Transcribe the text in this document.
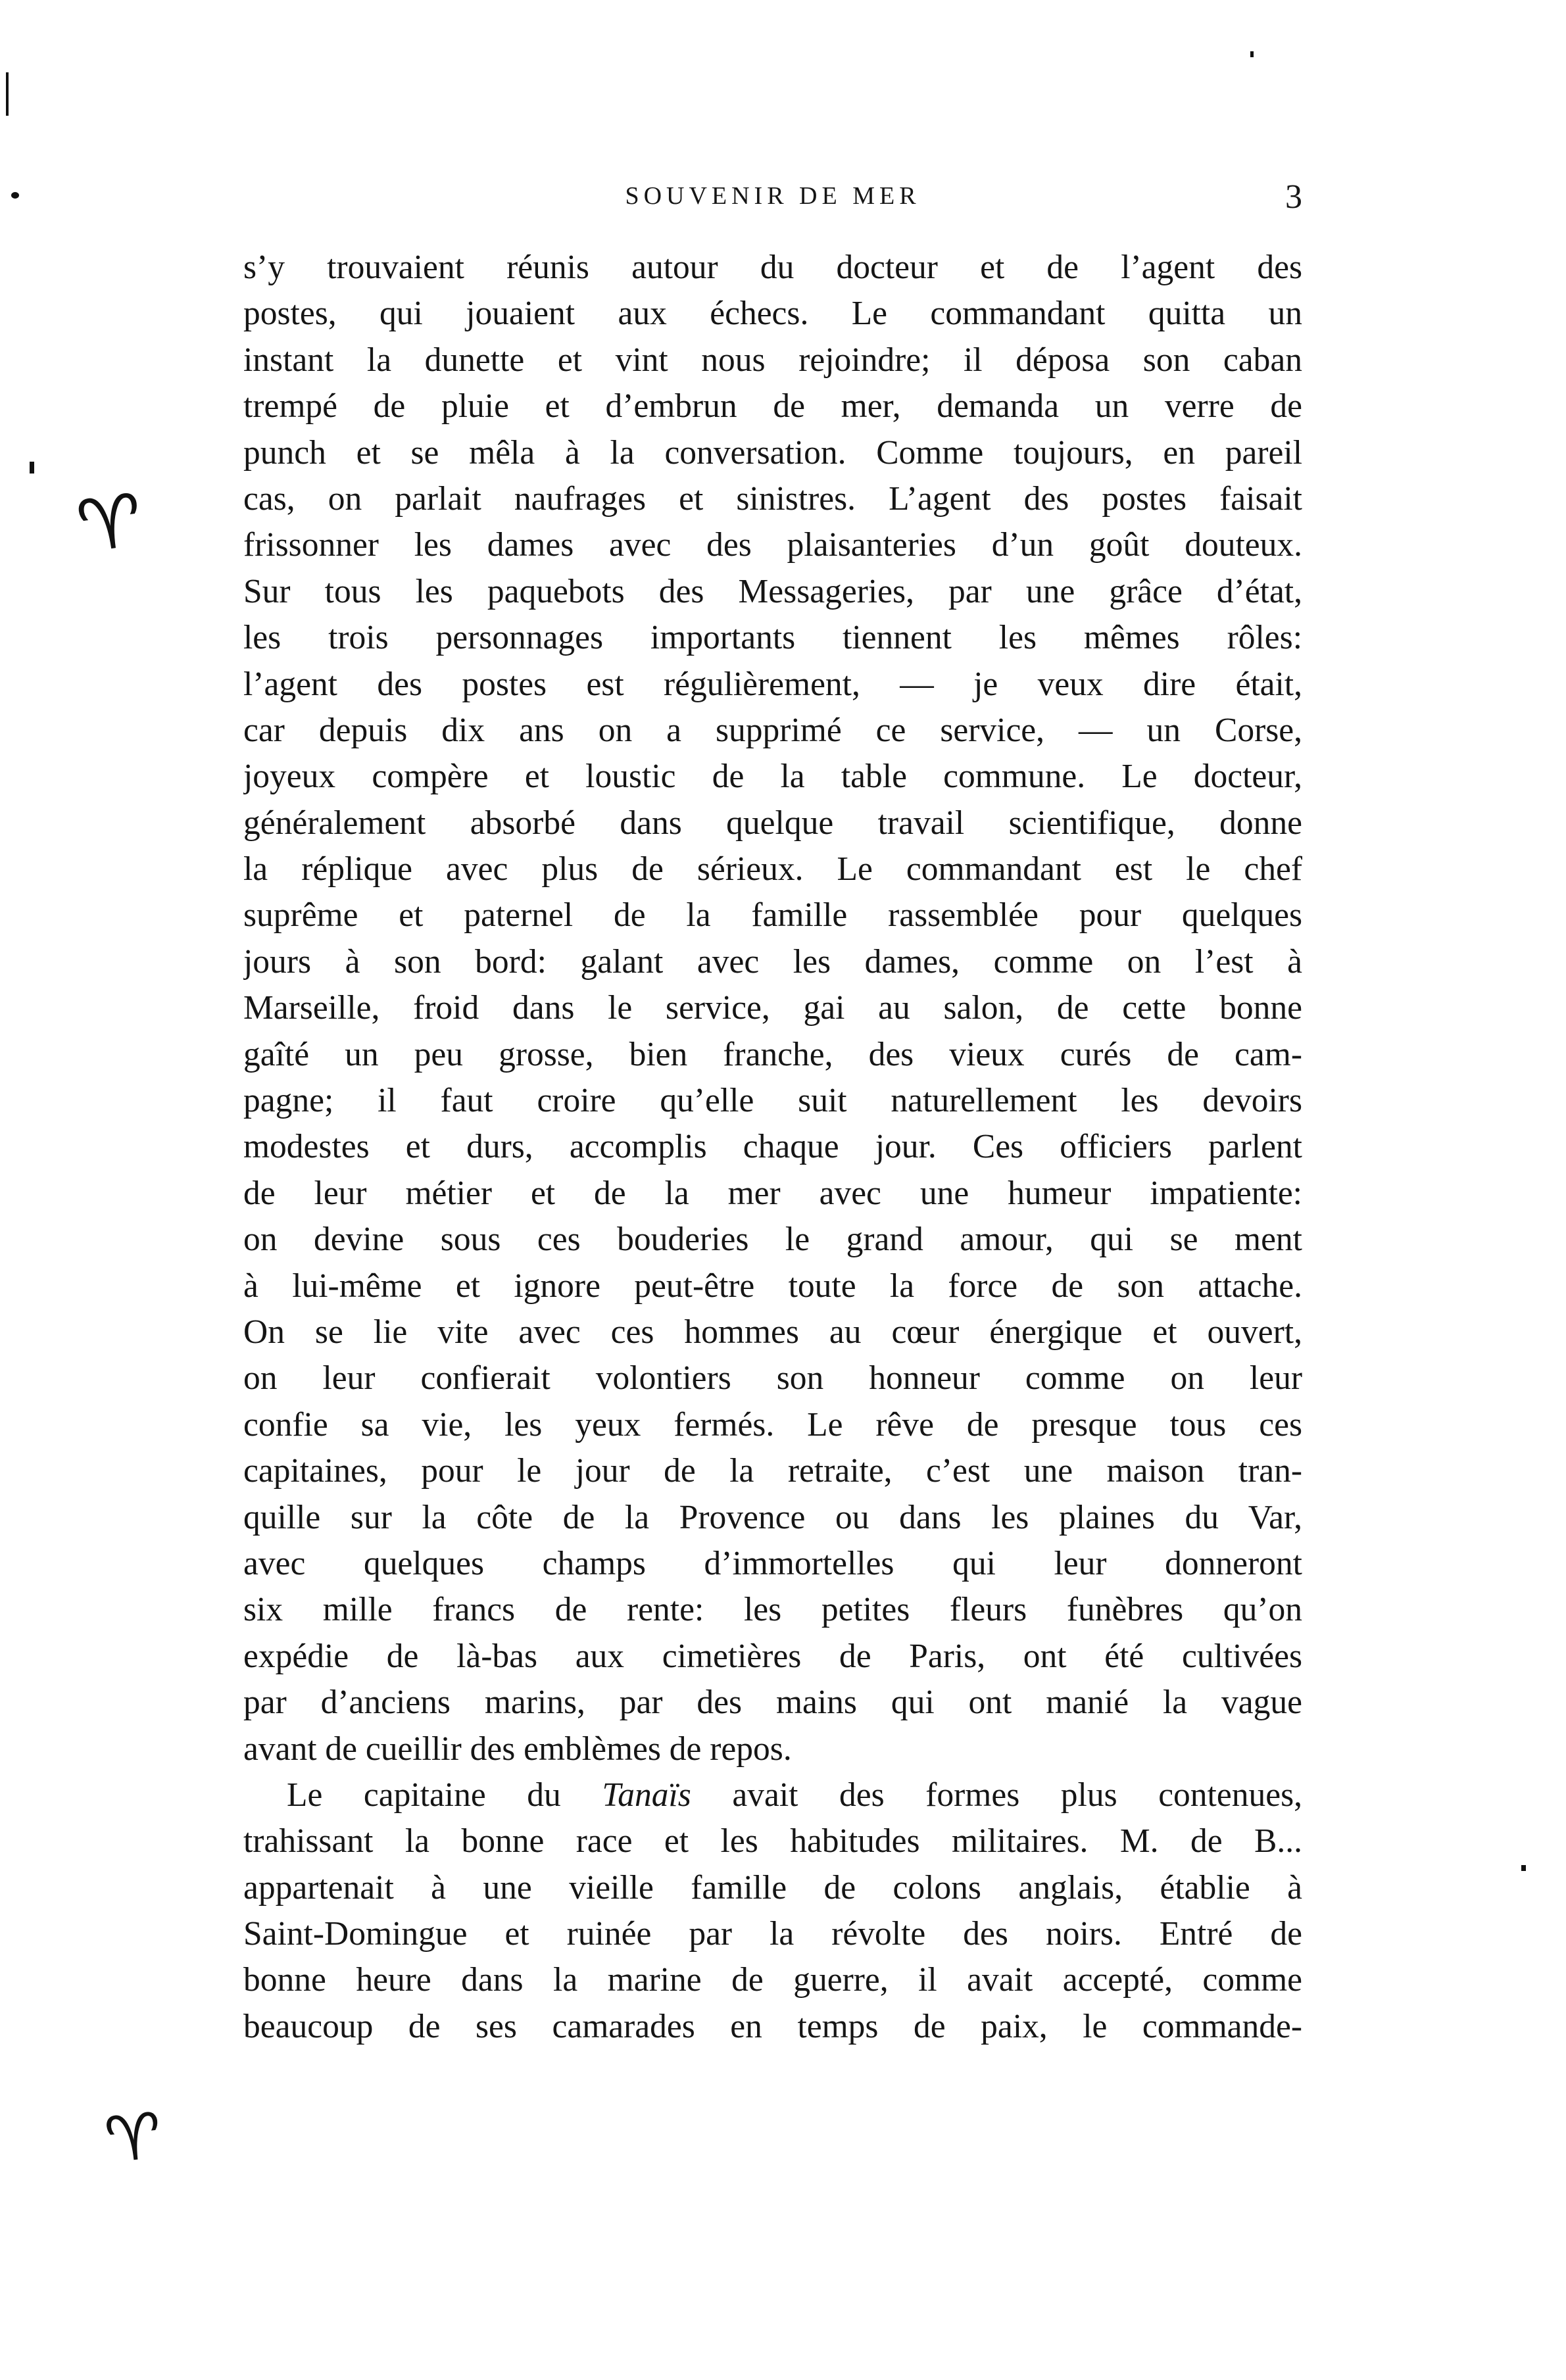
♈
♈
SOUVENIR DE MER	3
s’y trouvaient réunis autour du docteur et de l’agent des
postes, qui jouaient aux échecs. Le commandant quitta un
instant la dunette et vint nous rejoindre; il déposa son caban
trempé de pluie et d’embrun de mer, demanda un verre de
punch et se mêla à la conversation. Comme toujours, en pareil
cas, on parlait naufrages et sinistres. L’agent des postes faisait
frissonner les dames avec des plaisanteries d’un goût douteux.
Sur tous les paquebots des Messageries, par une grâce d’état,
les trois personnages importants tiennent les mêmes rôles:
l’agent des postes est régulièrement, — je veux dire était,
car depuis dix ans on a supprimé ce service, — un Corse,
joyeux compère et loustic de la table commune. Le docteur,
généralement absorbé dans quelque travail scientifique, donne
la réplique avec plus de sérieux. Le commandant est le chef
suprême et paternel de la famille rassemblée pour quelques
jours à son bord: galant avec les dames, comme on l’est à
Marseille, froid dans le service, gai au salon, de cette bonne
gaîté un peu grosse, bien franche, des vieux curés de cam-
pagne; il faut croire qu’elle suit naturellement les devoirs
modestes et durs, accomplis chaque jour. Ces officiers parlent
de leur métier et de la mer avec une humeur impatiente:
on devine sous ces bouderies le grand amour, qui se ment
à lui-même et ignore peut-être toute la force de son attache.
On se lie vite avec ces hommes au cœur énergique et ouvert,
on leur confierait volontiers son honneur comme on leur
confie sa vie, les yeux fermés. Le rêve de presque tous ces
capitaines, pour le jour de la retraite, c’est une maison tran-
quille sur la côte de la Provence ou dans les plaines du Var,
avec quelques champs d’immortelles qui leur donneront
six mille francs de rente: les petites fleurs funèbres qu’on
expédie de là-bas aux cimetières de Paris, ont été cultivées
par d’anciens marins, par des mains qui ont manié la vague
avant de cueillir des emblèmes de repos.
Le capitaine du Tanaïs avait des formes plus contenues,
trahissant la bonne race et les habitudes militaires. M. de B...
appartenait à une vieille famille de colons anglais, établie à
Saint-Domingue et ruinée par la révolte des noirs. Entré de
bonne heure dans la marine de guerre, il avait accepté, comme
beaucoup de ses camarades en temps de paix, le commande-
